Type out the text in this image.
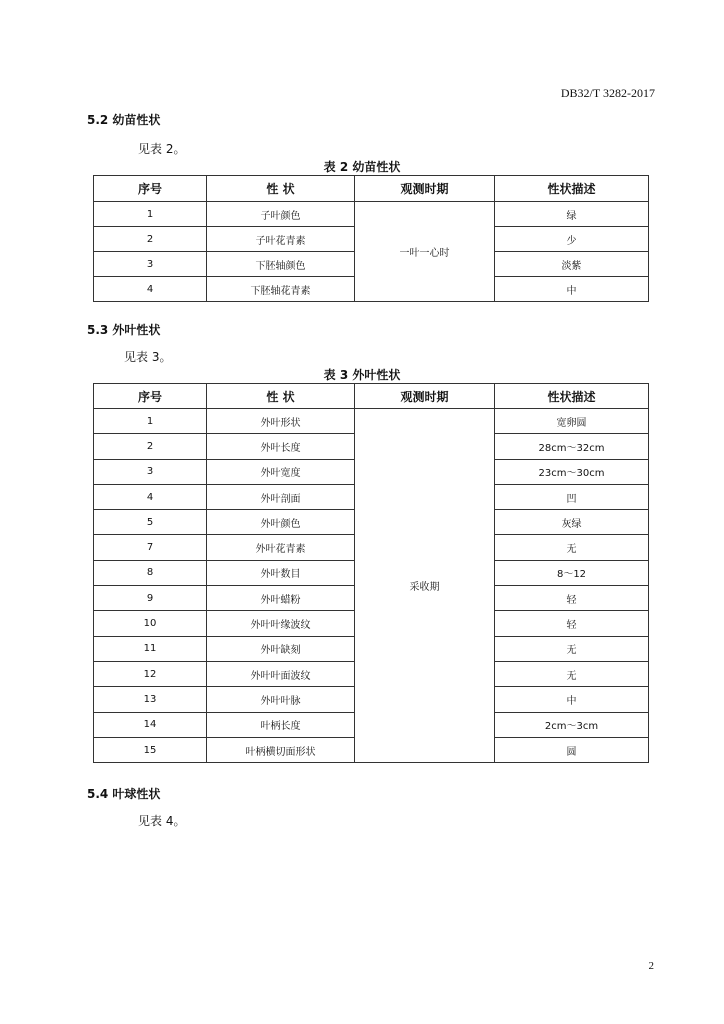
DB32/T 3282-2017
5.2 幼苗性状
见表 2。
表 2 幼苗性状
序号	性 状	观测时期	性状描述
1	子叶颜色	一叶一心时	绿
2	子叶花青素		少
3	下胚轴颜色		淡紫
4	下胚轴花青素		中
5.3 外叶性状
见表 3。
表 3 外叶性状
序号	性 状	观测时期	性状描述
1	外叶形状	采收期	宽卵圆
2	外叶长度		28cm～32cm
3	外叶宽度		23cm～30cm
4	外叶剖面		凹
5	外叶颜色		灰绿
7	外叶花青素		无
8	外叶数目		8～12
9	外叶蜡粉		轻
10	外叶叶缘波纹		轻
11	外叶缺刻		无
12	外叶叶面波纹		无
13	外叶叶脉		中
14	叶柄长度		2cm～3cm
15	叶柄横切面形状		圆
5.4 叶球性状
见表 4。
2
